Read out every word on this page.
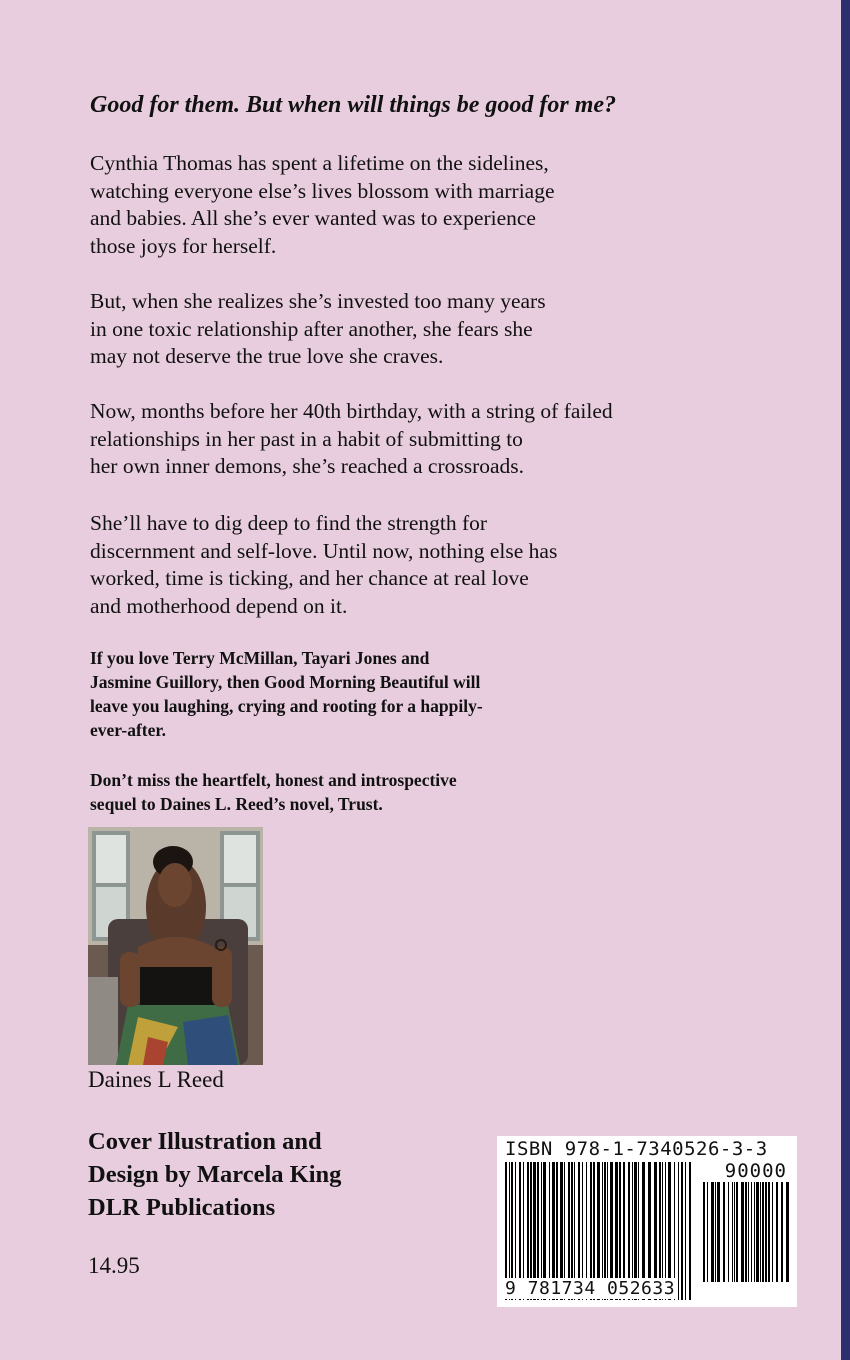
Good for them. But when will things be good for me?

Cynthia Thomas has spent a lifetime on the sidelines,
watching everyone else’s lives blossom with marriage
and babies. All she’s ever wanted was to experience
those joys for herself.

But, when she realizes she’s invested too many years
in one toxic relationship after another, she fears she
may not deserve the true love she craves.

Now, months before her 40th birthday, with a string of failed
relationships in her past in a habit of submitting to
her own inner demons, she’s reached a crossroads.

She’ll have to dig deep to find the strength for
discernment and self-love. Until now, nothing else has
worked, time is ticking, and her chance at real love
and motherhood depend on it.

If you love Terry McMillan, Tayari Jones and
Jasmine Guillory, then Good Morning Beautiful will
leave you laughing, crying and rooting for a happily-
ever-after.

Don’t miss the heartfelt, honest and introspective
sequel to Daines L. Reed’s novel, Trust.

Daines L Reed

Cover Illustration and
Design by Marcela King
DLR Publications

14.95

ISBN 978-1-7340526-3-3

90000

9 781734 052633
